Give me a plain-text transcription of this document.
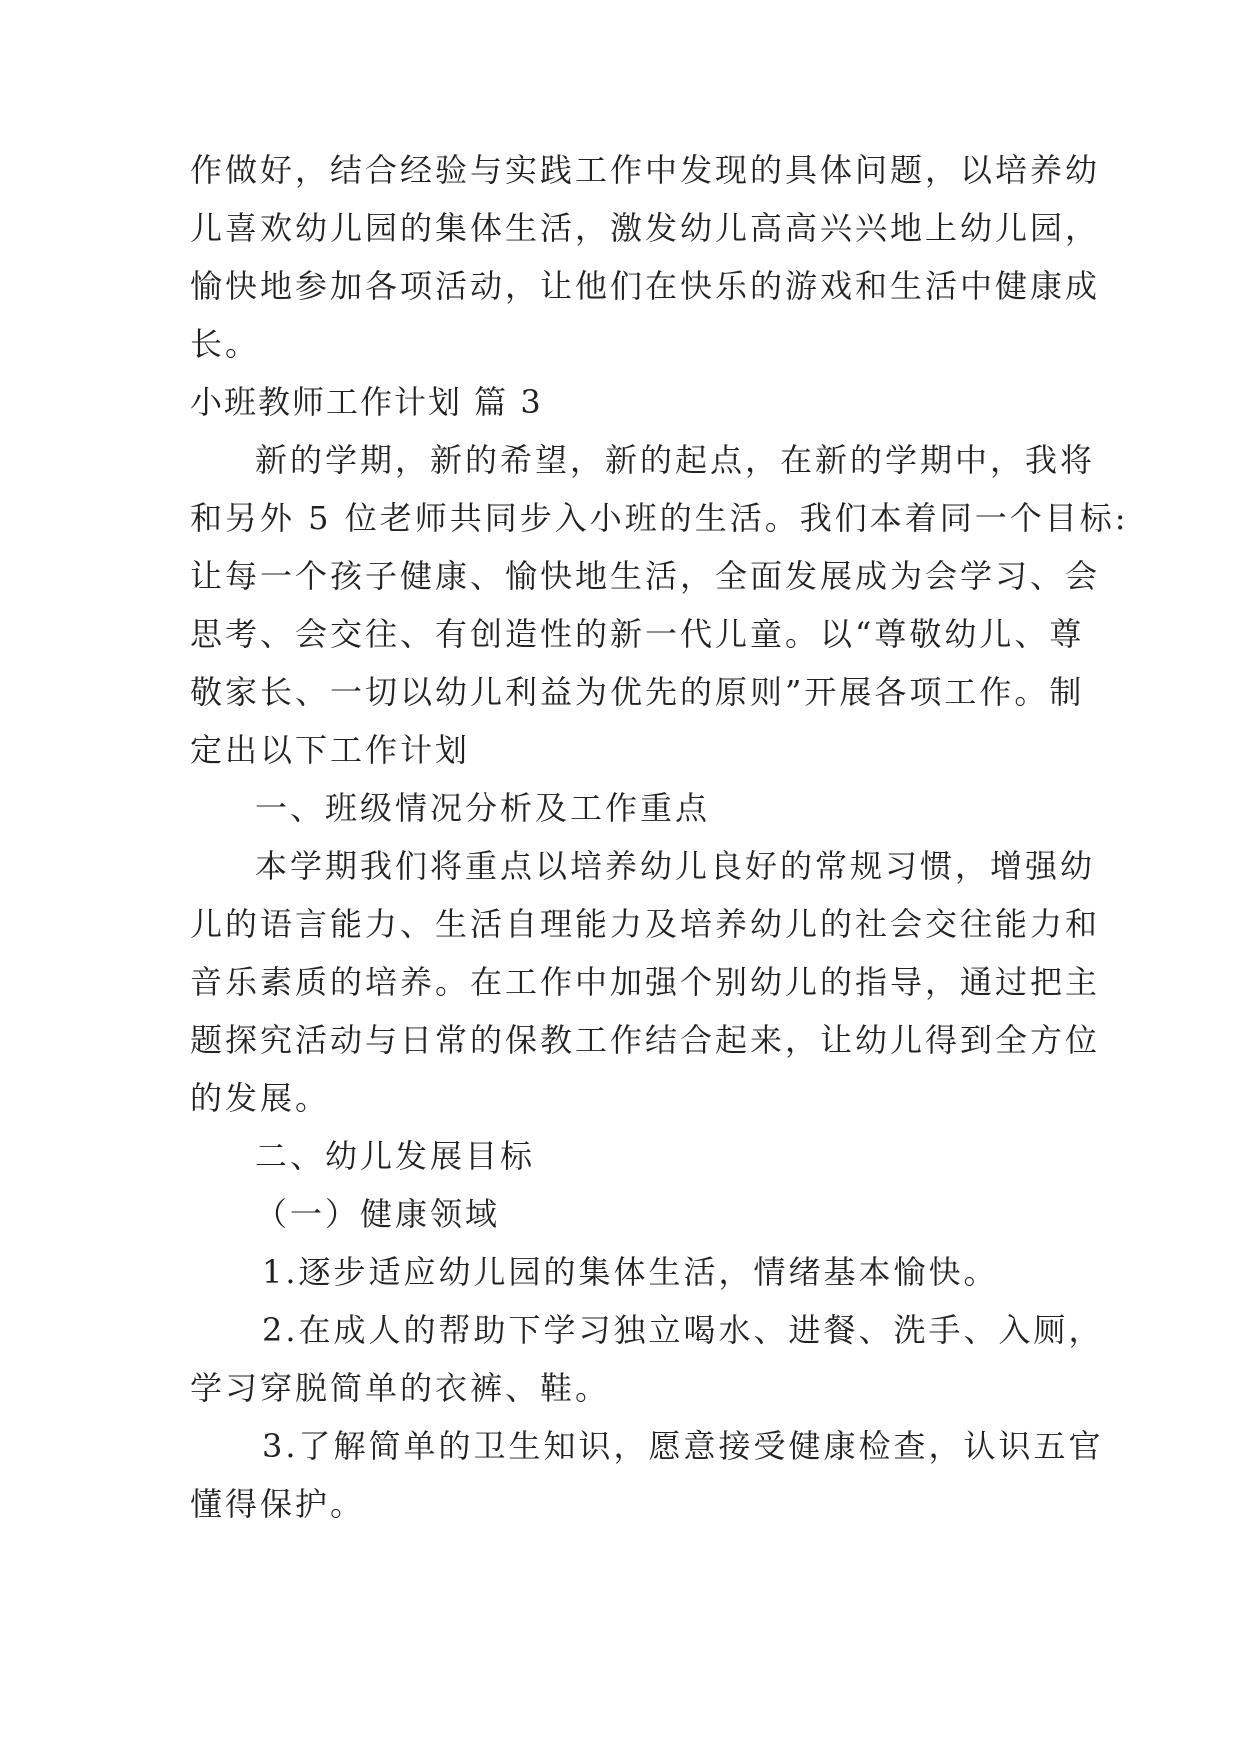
作做好，结合经验与实践工作中发现的具体问题，以培养幼
儿喜欢幼儿园的集体生活，激发幼儿高高兴兴地上幼儿园，
愉快地参加各项活动，让他们在快乐的游戏和生活中健康成
长。
小班教师工作计划 篇 3
新的学期，新的希望，新的起点，在新的学期中，我将
和另外 5 位老师共同步入小班的生活。我们本着同一个目标:
让每一个孩子健康、愉快地生活，全面发展成为会学习、会
思考、会交往、有创造性的新一代儿童。以“尊敬幼儿、尊
敬家长、一切以幼儿利益为优先的原则”开展各项工作。制
定出以下工作计划
一、班级情况分析及工作重点
本学期我们将重点以培养幼儿良好的常规习惯，增强幼
儿的语言能力、生活自理能力及培养幼儿的社会交往能力和
音乐素质的培养。在工作中加强个别幼儿的指导，通过把主
题探究活动与日常的保教工作结合起来，让幼儿得到全方位
的发展。
二、幼儿发展目标
（一）健康领域
1.逐步适应幼儿园的集体生活，情绪基本愉快。
2.在成人的帮助下学习独立喝水、进餐、洗手、入厕，
学习穿脱简单的衣裤、鞋。
3.了解简单的卫生知识，愿意接受健康检查，认识五官
懂得保护。
